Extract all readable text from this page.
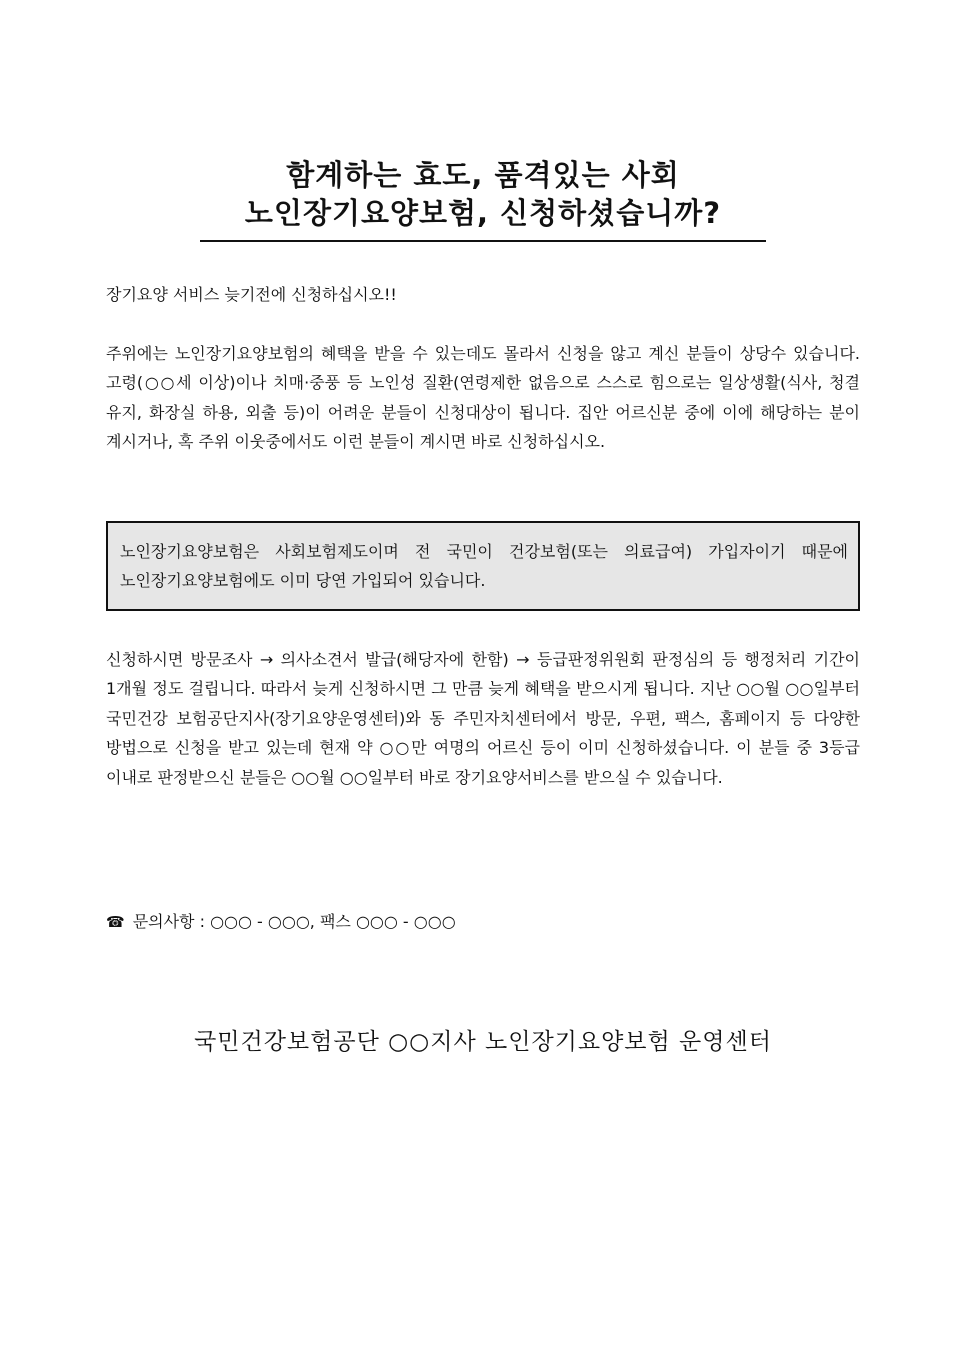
함계하는 효도, 품격있는 사회
노인장기요양보험, 신청하셨습니까?
장기요양 서비스 늦기전에 신청하십시오!!
주위에는 노인장기요양보험의 혜택을 받을 수 있는데도 몰라서 신청을 않고 계신 분들이 상당수 있습니다. 고령(○○세 이상)이나 치매·중풍 등 노인성 질환(연령제한 없음으로 스스로 힘으로는 일상생활(식사, 청결 유지, 화장실 하용, 외출 등)이 어려운 분들이 신청대상이 됩니다. 집안 어르신분 중에 이에 해당하는 분이 계시거나, 혹 주위 이웃중에서도 이런 분들이 계시면 바로 신청하십시오.
노인장기요양보험은 사회보험제도이며 전 국민이 건강보험(또는 의료급여) 가입자이기 때문에 노인장기요양보험에도 이미 당연 가입되어 있습니다.
신청하시면 방문조사 → 의사소견서 발급(해당자에 한함) → 등급판정위원회 판정심의 등 행정처리 기간이 1개월 정도 걸립니다. 따라서 늦게 신청하시면 그 만큼 늦게 혜택을 받으시게 됩니다. 지난 ○○월 ○○일부터 국민건강 보험공단지사(장기요양운영센터)와 동 주민자치센터에서 방문, 우편, 팩스, 홈페이지 등 다양한 방법으로 신청을 받고 있는데 현재 약 ○○만 여명의 어르신 등이 이미 신청하셨습니다. 이 분들 중 3등급 이내로 판정받으신 분들은 ○○월 ○○일부터 바로 장기요양서비스를 받으실 수 있습니다.
☎ 문의사항 : ○○○ - ○○○, 팩스 ○○○ - ○○○
국민건강보험공단 ○○지사 노인장기요양보험 운영센터
